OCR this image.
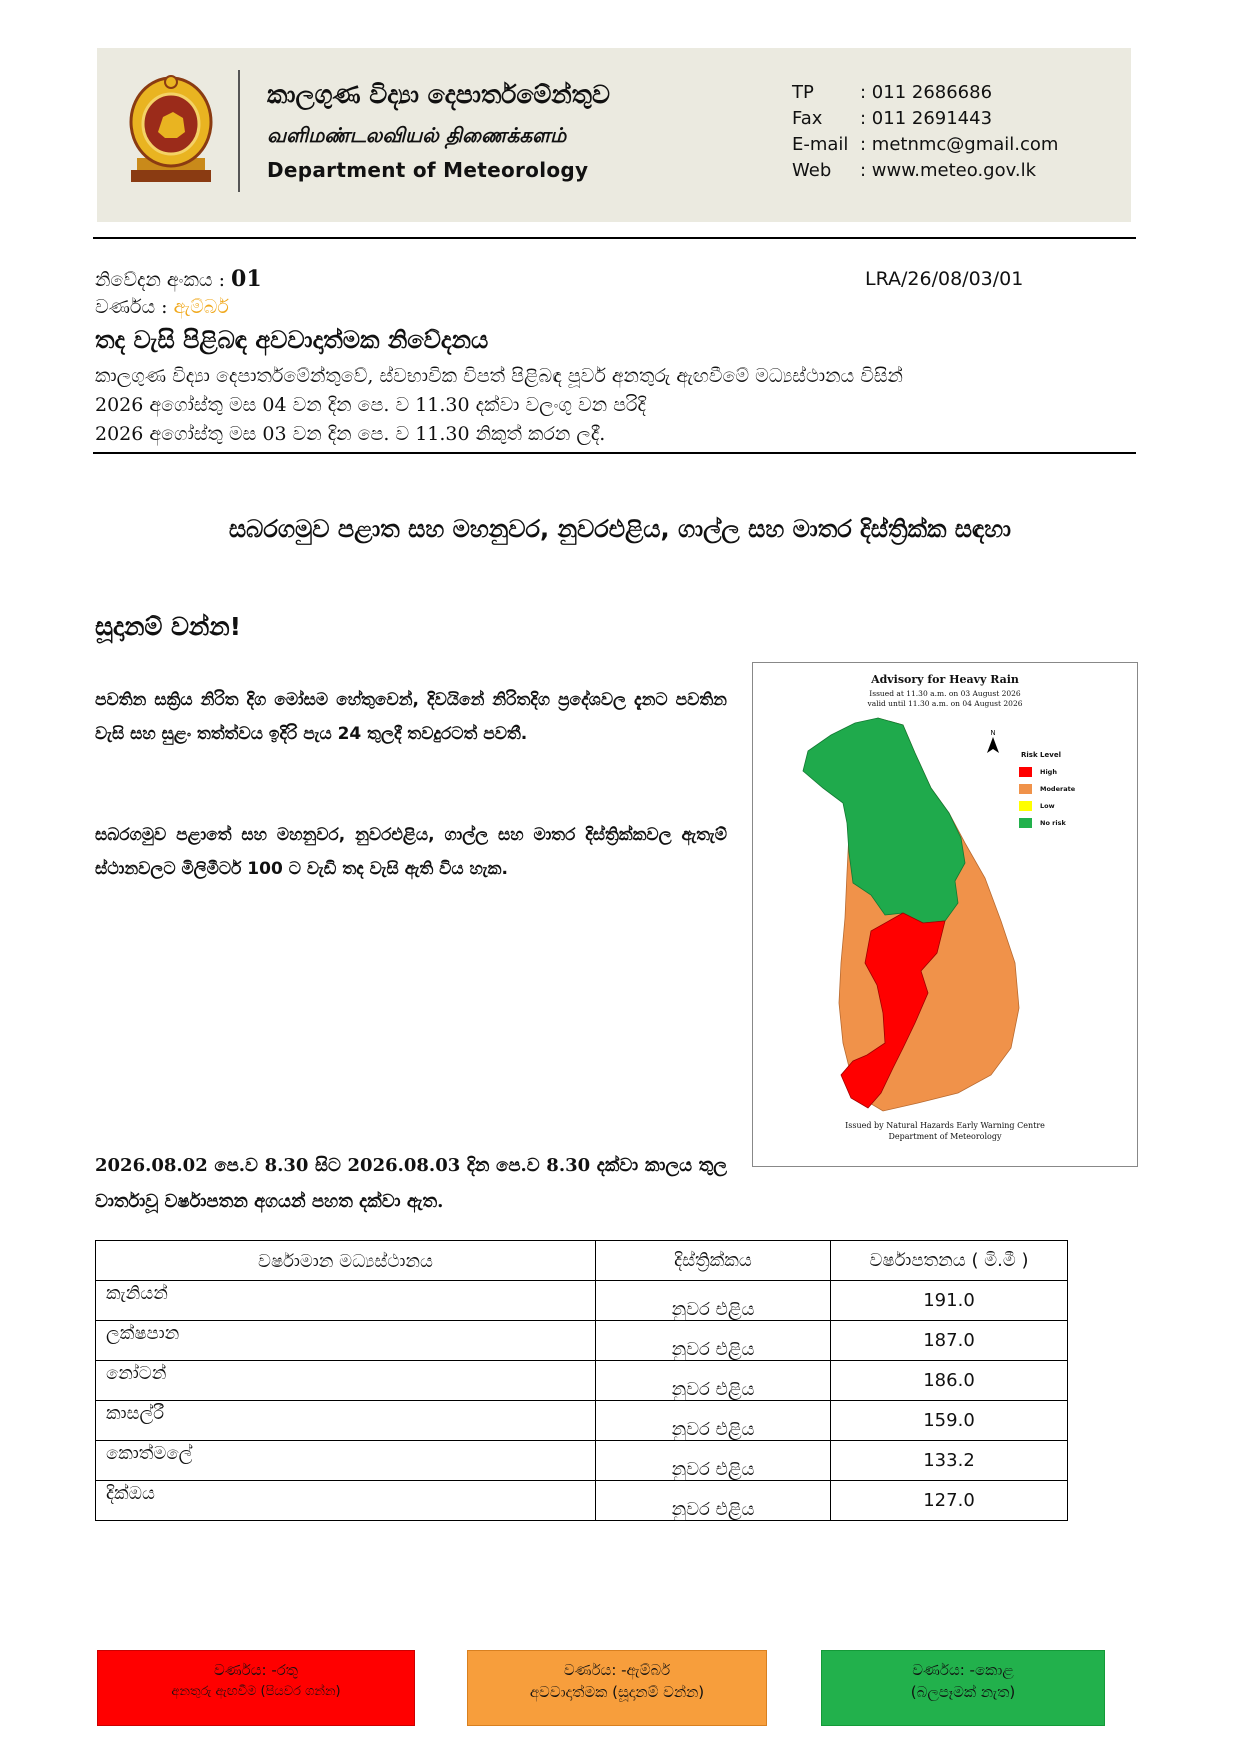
කාලගුණ විද්‍යා දෙපාර්තමේන්තුව
வளிமண்டலவியல் திணைக்களம்
Department of Meteorology
TP	: 011 2686686
Fax : 011 2691443
E-mail : metnmc@gmail.com
Web : www.meteo.gov.lk
නිවේදන අංකය : 01	LRA/26/08/03/01
වර්ණය : ඇම්බර්
තද වැසි පිළිබඳ අවවාදාත්මක නිවේදනය
කාලගුණ විද්‍යා දෙපාර්තමේන්තුවේ, ස්වභාවික විපත් පිළිබඳ පූර්ව අනතුරු ඇඟවීමේ මධ්‍යස්ථානය විසින්
2026 අගෝස්තු මස 04 වන දින පෙ. ව 11.30 දක්වා වලංගු වන පරිදි
2026 අගෝස්තු මස 03 වන දින පෙ. ව 11.30 නිකුත් කරන ලදී.
සබරගමුව පළාත සහ මහනුවර, නුවරඑළිය, ගාල්ල සහ මාතර දිස්ත්‍රික්ක සඳහා
සූදානම් වන්න!
පවතින සක්‍රිය නිරිත දිග මෝසම හේතුවෙන්, දිවයිනේ නිරිතදිග ප්‍රදේශවල දැනට පවතින වැසි සහ සුළං තත්ත්වය ඉදිරි පැය 24 තුලදී තවදුරටත් පවතී.
සබරගමුව පළාතේ සහ මහනුවර, නුවරඑළිය, ගාල්ල සහ මාතර දිස්ත්‍රික්කවල ඇතැම් ස්ථානවලට මිලිමීටර් 100 ට වැඩි තද වැසි ඇති විය හැක.
2026.08.02 පෙ.ව 8.30 සිට 2026.08.03 දින පෙ.ව 8.30 දක්වා කාලය තුල වාර්තාවූ වර්ෂාපතන අගයන් පහත දක්වා ඇත.
Advisory for Heavy Rain
Issued at 11.30 a.m. on 03 August 2026
valid until 11.30 a.m. on 04 August 2026
N
Risk Level
High
Moderate
Low
No risk
Issued by Natural Hazards Early Warning Centre
Department of Meteorology
වර්ෂාමාන මධ්‍යස්ථානය	දිස්ත්‍රික්කය	වර්ෂාපතනය ( මි.මී )
කැනියන්	නුවර එළිය	191.0
ලක්ෂපාන	නුවර එළිය	187.0
නෝටන්	නුවර එළිය	186.0
කාසල්රී	නුවර එළිය	159.0
කොත්මලේ	නුවර එළිය	133.2
දික්ඔය	නුවර එළිය	127.0
වර්ණය: -රතු
අනතුරු ඇඟවීම (පියවර ගන්න)
වර්ණය: -ඇම්බර්
අවවාදාත්මක (සූදානම් වන්න)
වර්ණය: -කොළ
(බලපෑමක් නැත)
